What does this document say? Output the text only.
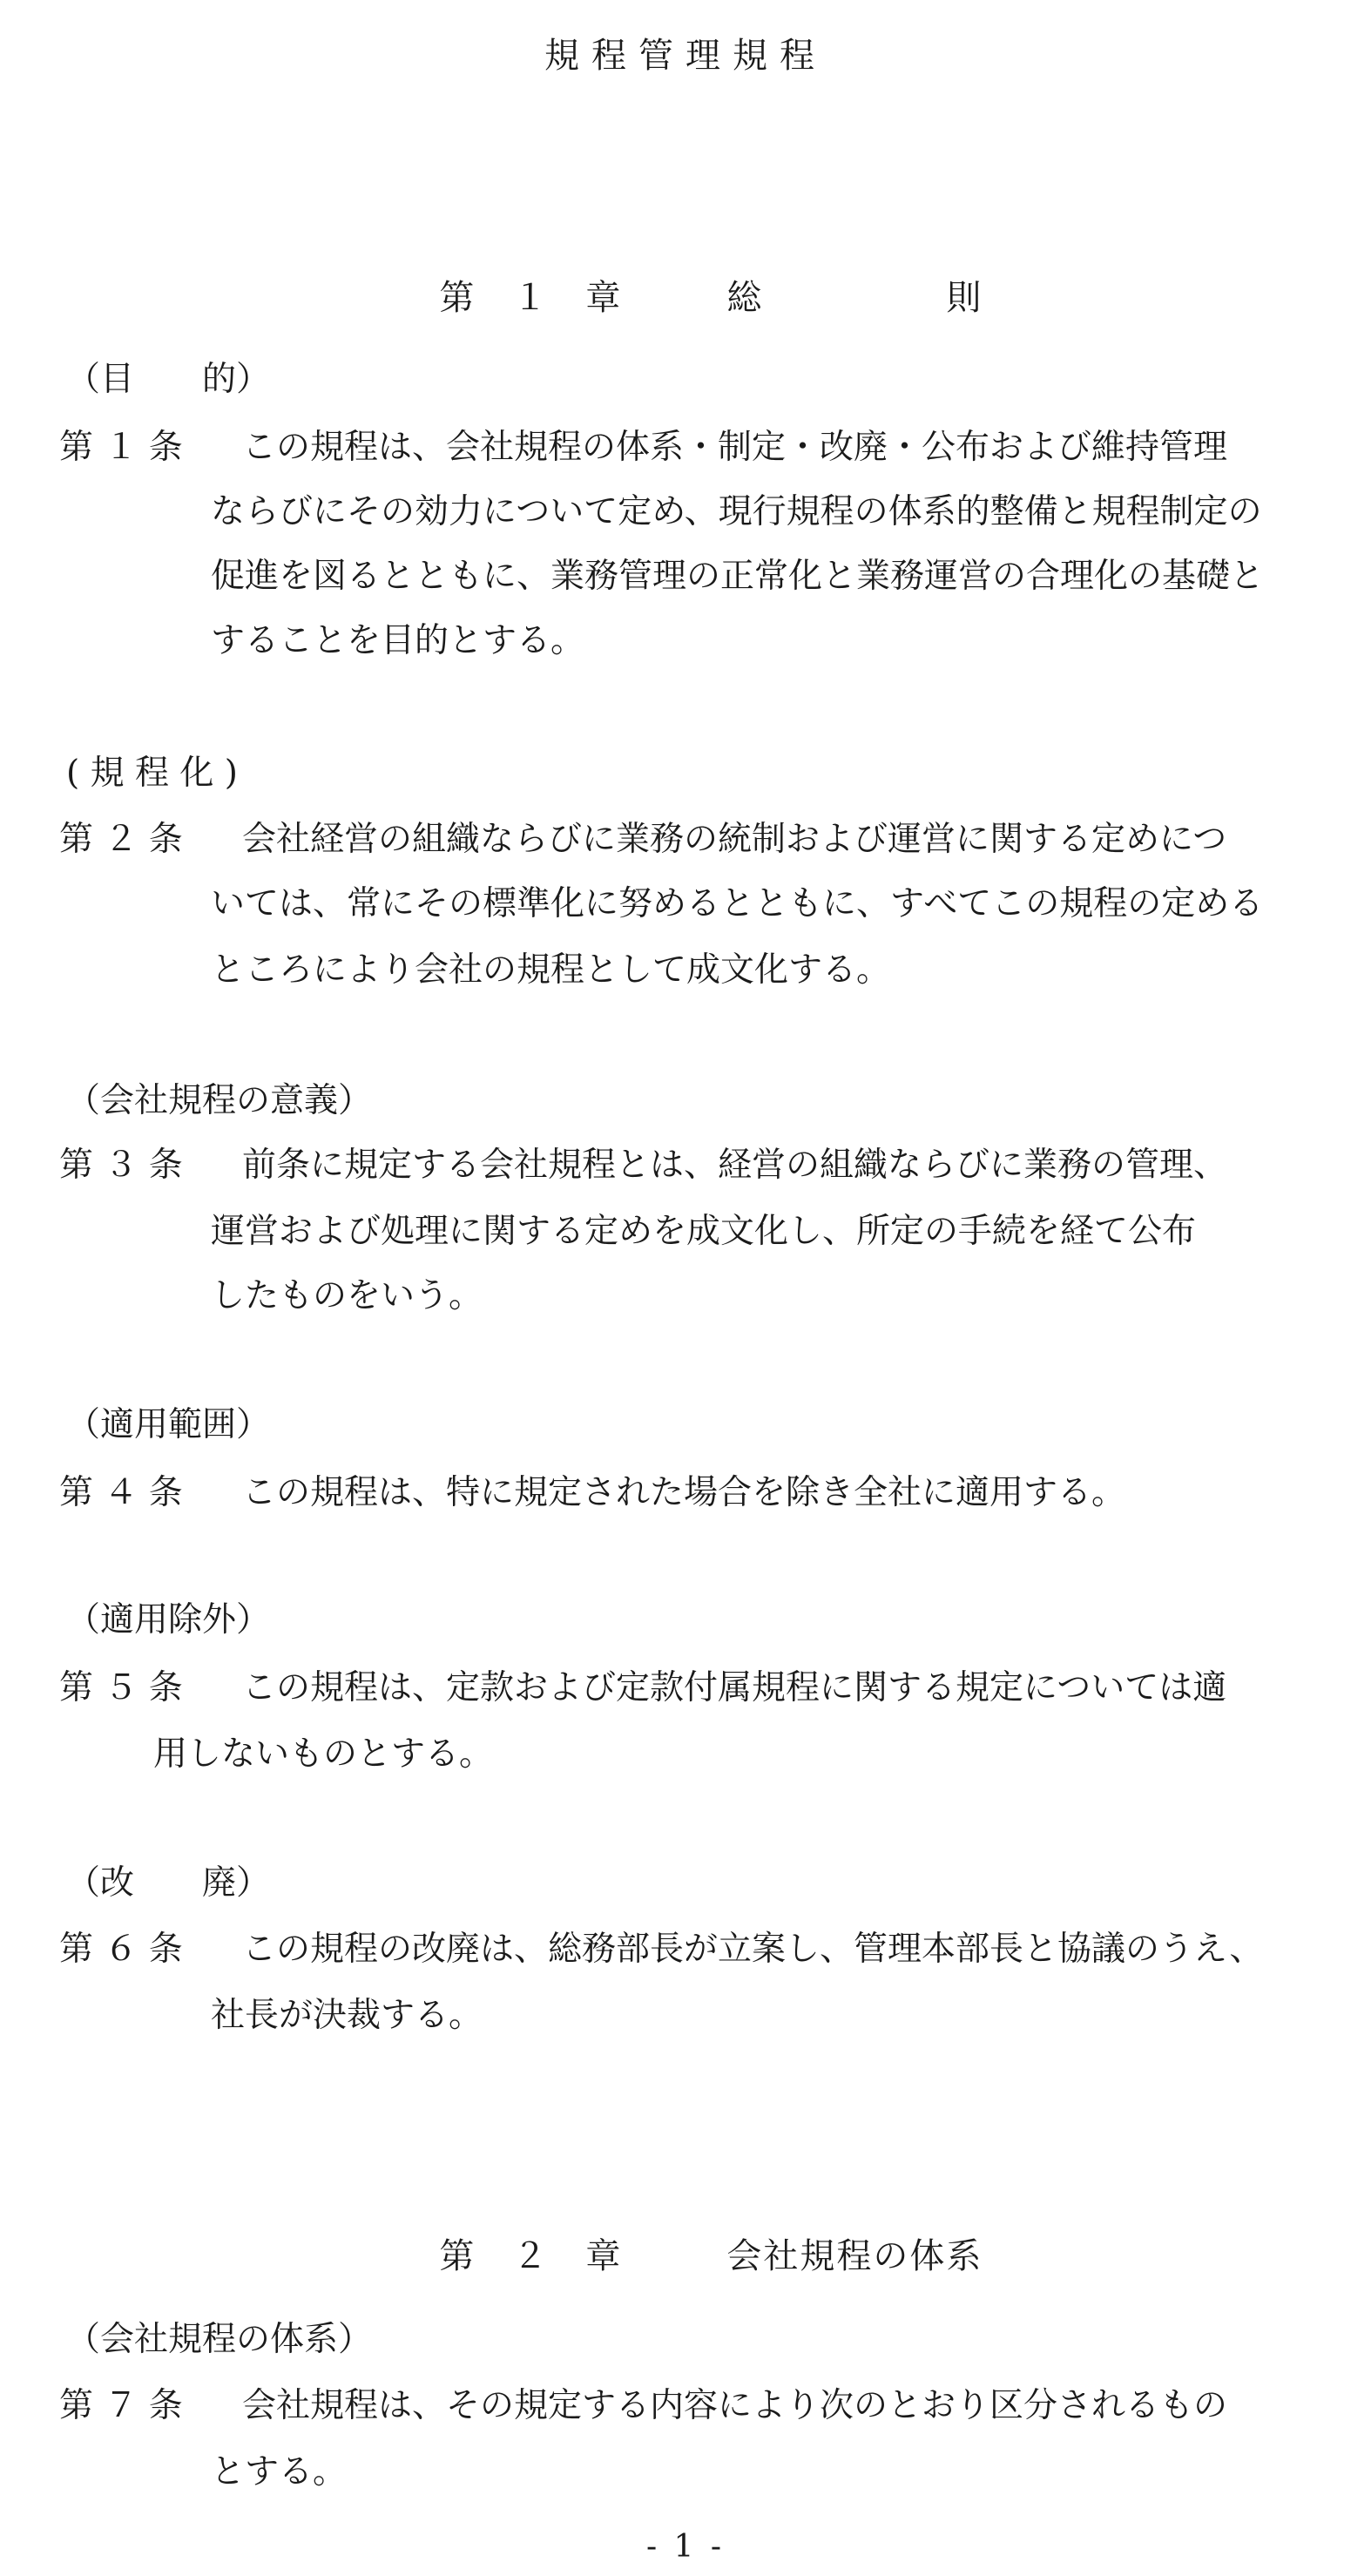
規程管理規程

第　１　章	総　　　　　則

（目　　的）
第 １ 条 この規程は、会社規程の体系・制定・改廃・公布および維持管理
ならびにその効力について定め、現行規程の体系的整備と規程制定の
促進を図るとともに、業務管理の正常化と業務運営の合理化の基礎と
することを目的とする。
( 規 程 化 )
第 ２ 条 会社経営の組織ならびに業務の統制および運営に関する定めにつ
いては、常にその標準化に努めるとともに、すべてこの規程の定める
ところにより会社の規程として成文化する。
（会社規程の意義）
第 ３ 条 前条に規定する会社規程とは、経営の組織ならびに業務の管理、
運営および処理に関する定めを成文化し、所定の手続を経て公布
したものをいう。
（適用範囲）
第 ４ 条 この規程は、特に規定された場合を除き全社に適用する。
（適用除外）
第 ５ 条 この規程は、定款および定款付属規程に関する規定については適
用しないものとする。
（改　　廃）
第 ６ 条 この規程の改廃は、総務部長が立案し、管理本部長と協議のうえ、
社長が決裁する。

第　２　章	会社規程の体系

（会社規程の体系）
第 ７ 条 会社規程は、その規定する内容により次のとおり区分されるもの
とする。
- 1 -
